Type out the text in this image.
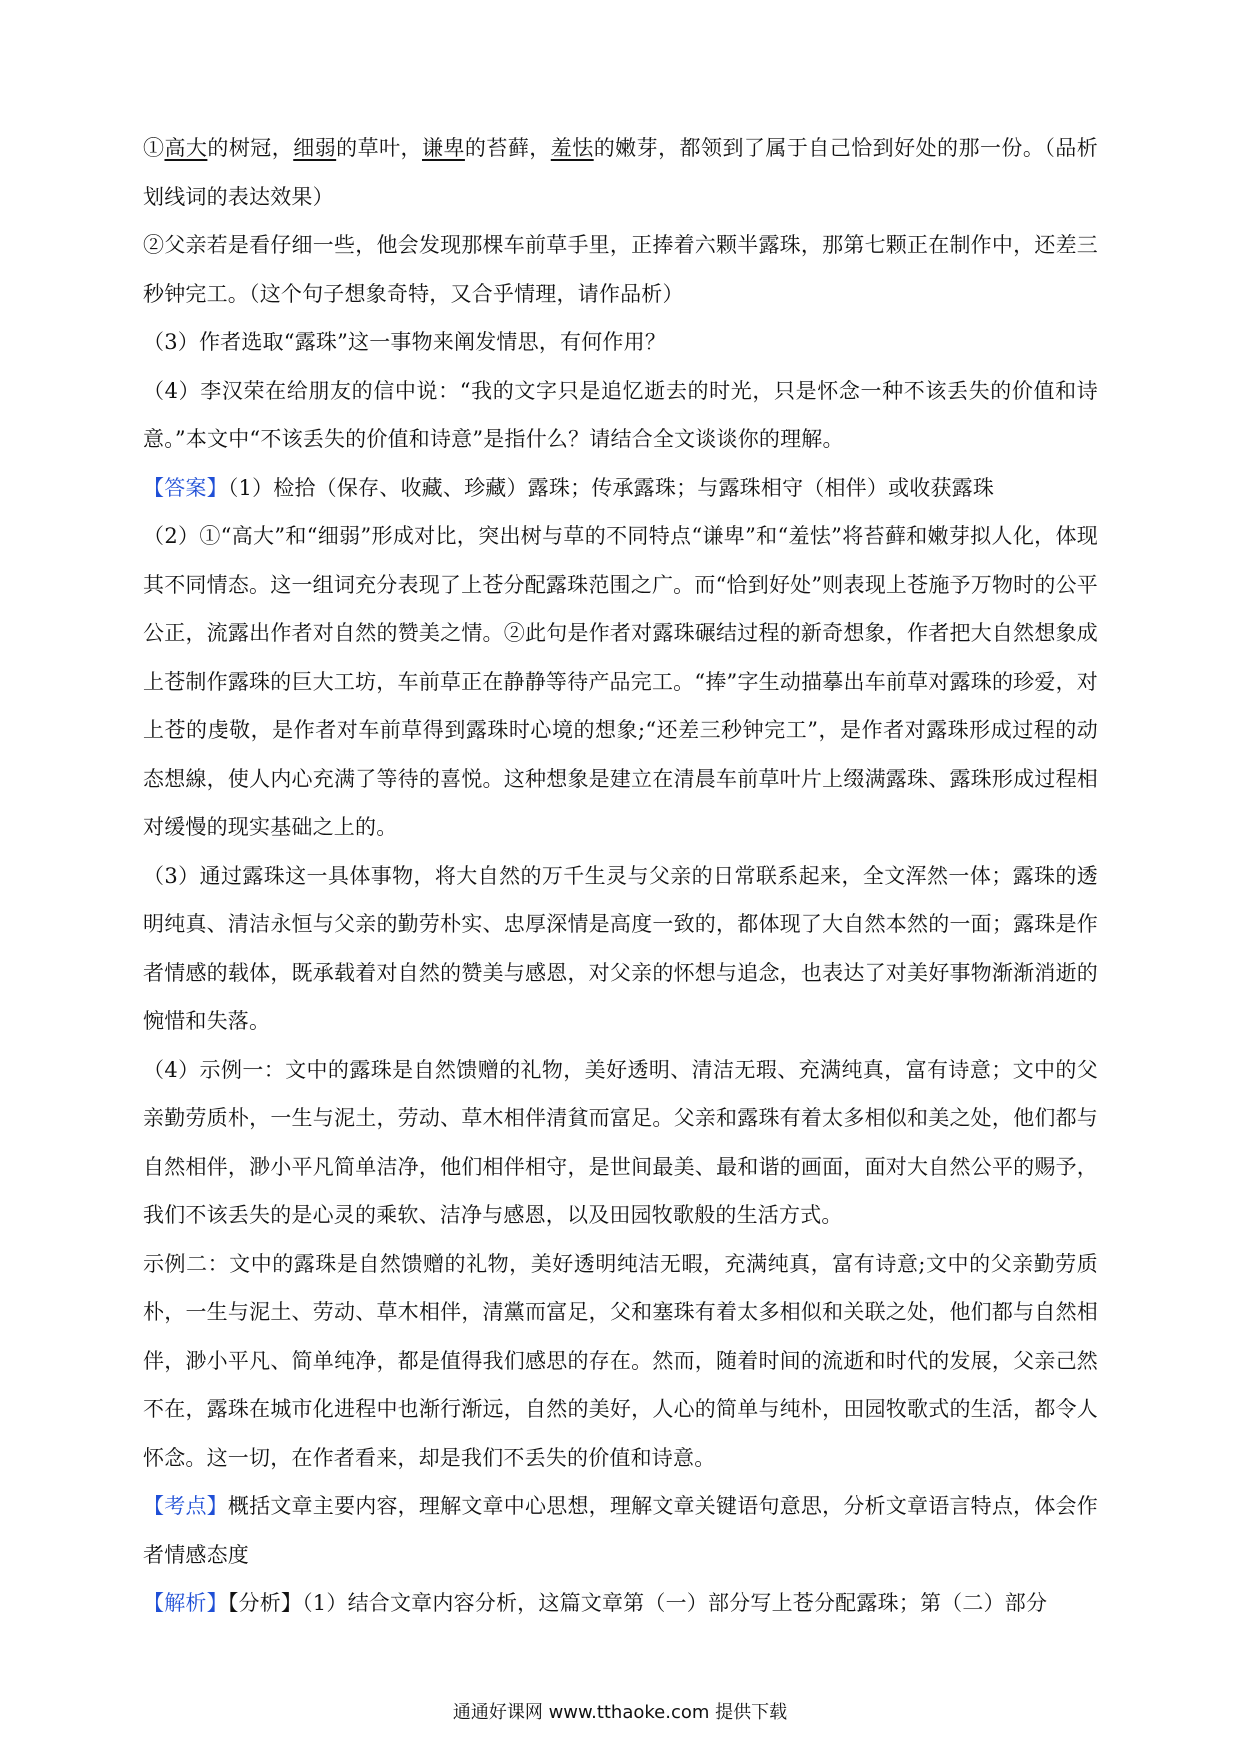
①高大的树冠，细弱的草叶，谦卑的苔藓，羞怯的嫩芽，都领到了属于自己恰到好处的那一份。（品析划线词的表达效果）

②父亲若是看仔细一些，他会发现那棵车前草手里，正捧着六颗半露珠，那第七颗正在制作中，还差三秒钟完工。（这个句子想象奇特，又合乎情理，请作品析）

（3）作者选取“露珠”这一事物来阐发情思，有何作用？

（4）李汉荣在给朋友的信中说：“我的文字只是追忆逝去的时光，只是怀念一种不该丢失的价值和诗意。”本文中“不该丢失的价值和诗意”是指什么？请结合全文谈谈你的理解。

【答案】（1）检拾（保存、收藏、珍藏）露珠；传承露珠；与露珠相守（相伴）或收获露珠

（2）①“高大”和“细弱”形成对比，突出树与草的不同特点“谦卑”和“羞怯”将苔藓和嫩芽拟人化，体现其不同情态。这一组词充分表现了上苍分配露珠范围之广。而“恰到好处”则表现上苍施予万物时的公平公正，流露出作者对自然的赞美之情。②此句是作者对露珠碾结过程的新奇想象，作者把大自然想象成上苍制作露珠的巨大工坊，车前草正在静静等待产品完工。“捧”字生动描摹出车前草对露珠的珍爱，对上苍的虔敬，是作者对车前草得到露珠时心境的想象;“还差三秒钟完工”，是作者对露珠形成过程的动态想線，使人内心充满了等待的喜悦。这种想象是建立在清晨车前草叶片上缀满露珠、露珠形成过程相对缓慢的现实基础之上的。

（3）通过露珠这一具体事物，将大自然的万千生灵与父亲的日常联系起来，全文浑然一体；露珠的透明纯真、清洁永恒与父亲的勤劳朴实、忠厚深情是高度一致的，都体现了大自然本然的一面；露珠是作者情感的载体，既承载着对自然的赞美与感恩，对父亲的怀想与追念，也表达了对美好事物渐渐消逝的惋惜和失落。

（4）示例一：文中的露珠是自然馈赠的礼物，美好透明、清洁无瑕、充满纯真，富有诗意；文中的父亲勤劳质朴，一生与泥土，劳动、草木相伴清貧而富足。父亲和露珠有着太多相似和美之处，他们都与自然相伴，渺小平凡简单洁净，他们相伴相守，是世间最美、最和谐的画面，面对大自然公平的赐予，我们不该丢失的是心灵的乘软、洁净与感恩，以及田园牧歌般的生活方式。

示例二：文中的露珠是自然馈赠的礼物，美好透明纯洁无暇，充满纯真，富有诗意;文中的父亲勤劳质朴，一生与泥土、劳动、草木相伴，清黨而富足，父和塞珠有着太多相似和关联之处，他们都与自然相伴，渺小平凡、简单纯净，都是值得我们感思的存在。然而，随着时间的流逝和时代的发展，父亲己然不在，露珠在城市化进程中也渐行渐远，自然的美好，人心的简单与纯朴，田园牧歌式的生活，都令人怀念。这一切，在作者看来，却是我们不丢失的价值和诗意。

【考点】概括文章主要内容，理解文章中心思想，理解文章关键语句意思，分析文章语言特点，体会作者情感态度

【解析】【分析】（1）结合文章内容分析，这篇文章第（一）部分写上苍分配露珠；第（二）部分

通通好课网 www.tthaoke.com 提供下载
